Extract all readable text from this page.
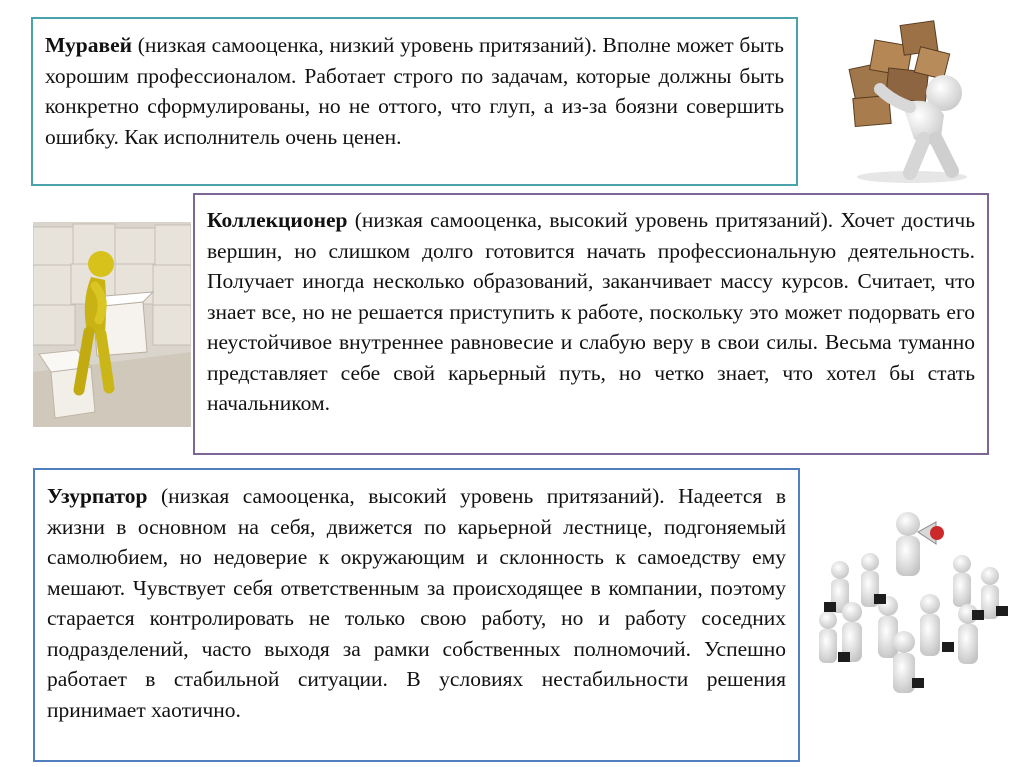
Муравей (низкая самооценка, низкий уровень притязаний). Вполне может быть хорошим профессионалом. Работает строго по задачам, которые должны быть конкретно сформулированы, но не оттого, что глуп, а из-за боязни совершить ошибку. Как исполнитель очень ценен.
Коллекционер (низкая самооценка, высокий уровень притязаний). Хочет достичь вершин, но слишком долго готовится начать профессиональную деятельность. Получает иногда несколько образований, заканчивает массу курсов. Считает, что знает все, но не решается приступить к работе, поскольку это может подорвать его неустойчивое внутреннее равновесие и слабую веру в свои силы. Весьма туманно представляет себе свой карьерный путь, но четко знает, что хотел бы стать начальником.
Узурпатор (низкая самооценка, высокий уровень притязаний). Надеется в жизни в основном на себя, движется по карьерной лестнице, подгоняемый самолюбием, но недоверие к окружающим и склонность к самоедству ему мешают. Чувствует себя ответственным за происходящее в компании, поэтому старается контролировать не только свою работу, но и работу соседних подразделений, часто выходя за рамки собственных полномочий. Успешно работает в стабильной ситуации. В условиях нестабильности решения принимает хаотично.
